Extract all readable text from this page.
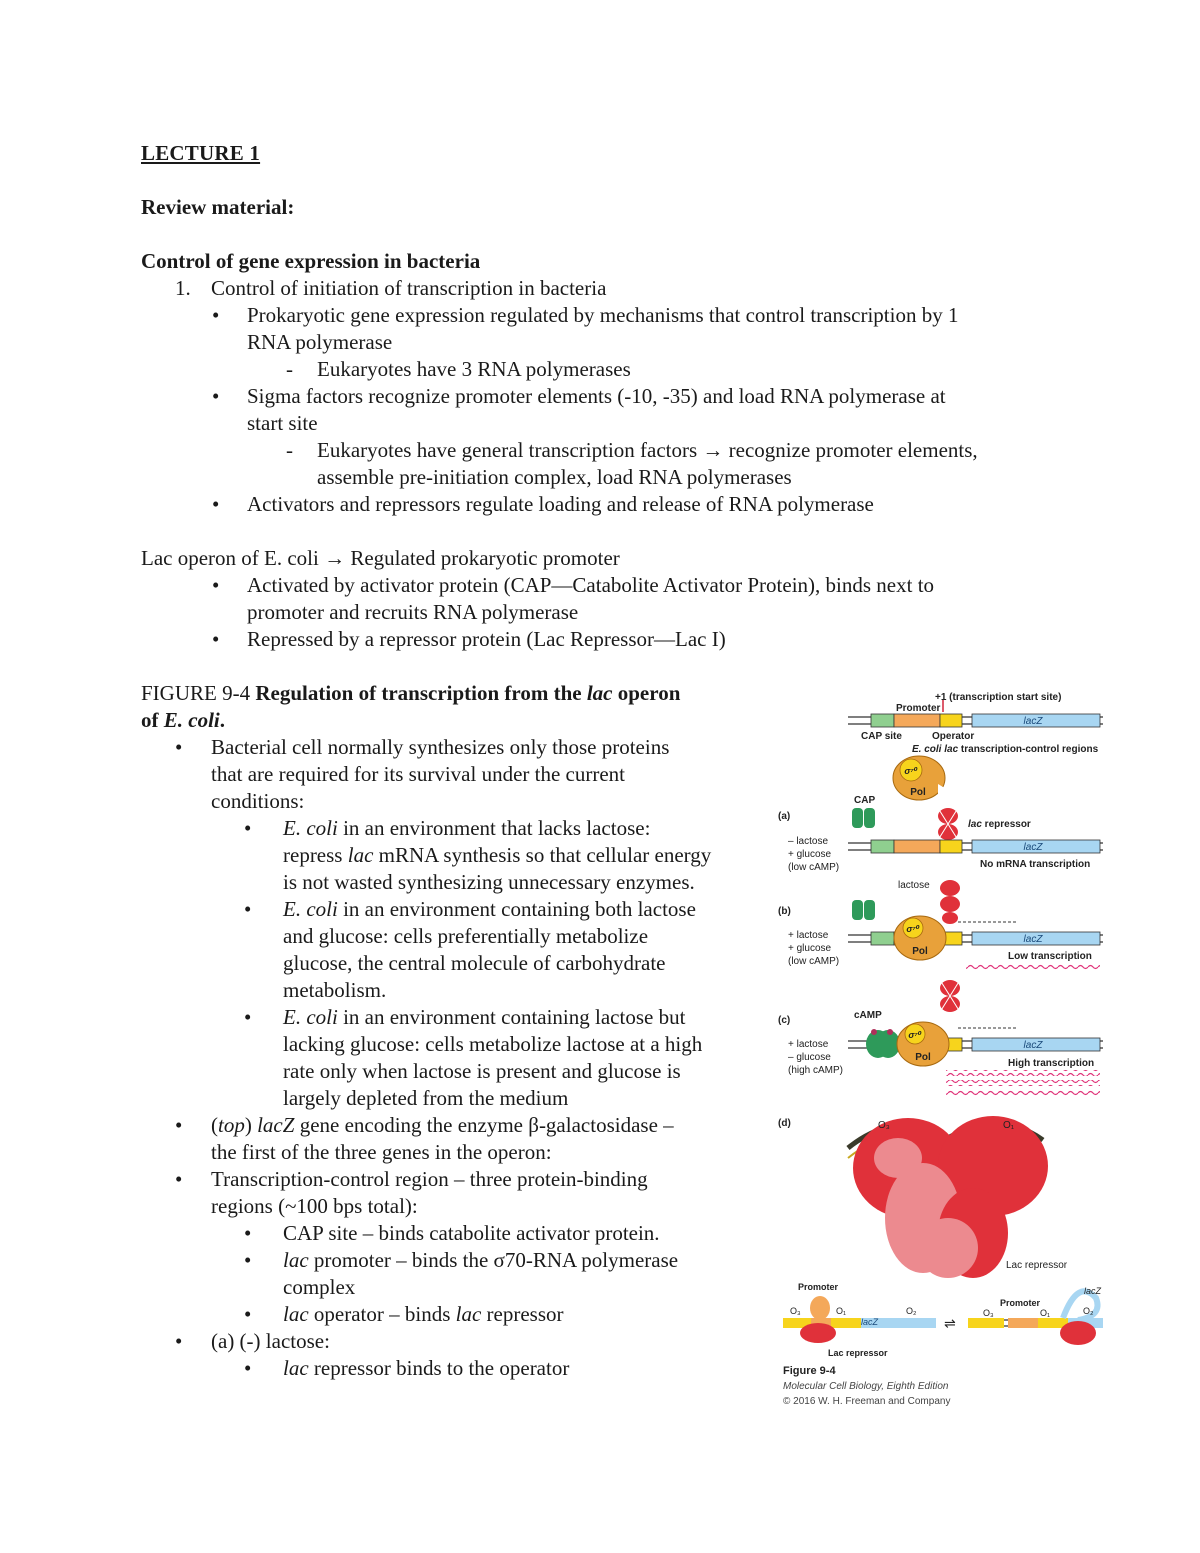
LECTURE 1
Review material:
Control of gene expression in bacteria
1. Control of initiation of transcription in bacteria
•
Prokaryotic gene expression regulated by mechanisms that control transcription by 1
RNA polymerase
-
Eukaryotes have 3 RNA polymerases
•
Sigma factors recognize promoter elements (-10, -35) and load RNA polymerase at
start site
-
Eukaryotes have general transcription factors → recognize promoter elements,
assemble pre-initiation complex, load RNA polymerases
•
Activators and repressors regulate loading and release of RNA polymerase
Lac operon of E. coli → Regulated prokaryotic promoter
•
Activated by activator protein (CAP—Catabolite Activator Protein), binds next to
promoter and recruits RNA polymerase
•
Repressed by a repressor protein (Lac Repressor—Lac I)
FIGURE 9-4 Regulation of transcription from the lac operon
of E. coli.
•
Bacterial cell normally synthesizes only those proteins
that are required for its survival under the current
conditions:
•
E. coli in an environment that lacks lactose:
repress lac mRNA synthesis so that cellular energy
is not wasted synthesizing unnecessary enzymes.
•
E. coli in an environment containing both lactose
and glucose: cells preferentially metabolize
glucose, the central molecule of carbohydrate
metabolism.
•
E. coli in an environment containing lactose but
lacking glucose: cells metabolize lactose at a high
rate only when lactose is present and glucose is
largely depleted from the medium
•
(top) lacZ gene encoding the enzyme β-galactosidase –
the first of the three genes in the operon:
•
Transcription-control region – three protein-binding
regions (~100 bps total):
•
CAP site – binds catabolite activator protein.
•
lac promoter – binds the σ70-RNA polymerase
complex
•
lac operator – binds lac repressor
•
(a) (-) lactose:
•
lac repressor binds to the operator
+1 (transcription start site)
Promoter
lacZ
CAP site	Operator
E. coli lac transcription-control regions
σ⁷⁰
Pol
CAP
(a)
– lactose
+ glucose
(low cAMP)
lac repressor
lacZ
No mRNA transcription
lactose
(b)
+ lactose
+ glucose
(low cAMP)
σ⁷⁰
Pol
lacZ
Low transcription
cAMP
(c)
+ lactose
– glucose
(high cAMP)
σ⁷⁰
Pol
lacZ
High transcription
(d)	O₃	O₁
Lac repressor
Promoter
O₃	O₁
lacZ
O₂
Lac repressor
⇌
Promoter
O₃	O₁	O₂
lacZ
Figure 9-4
Molecular Cell Biology, Eighth Edition
© 2016 W. H. Freeman and Company
